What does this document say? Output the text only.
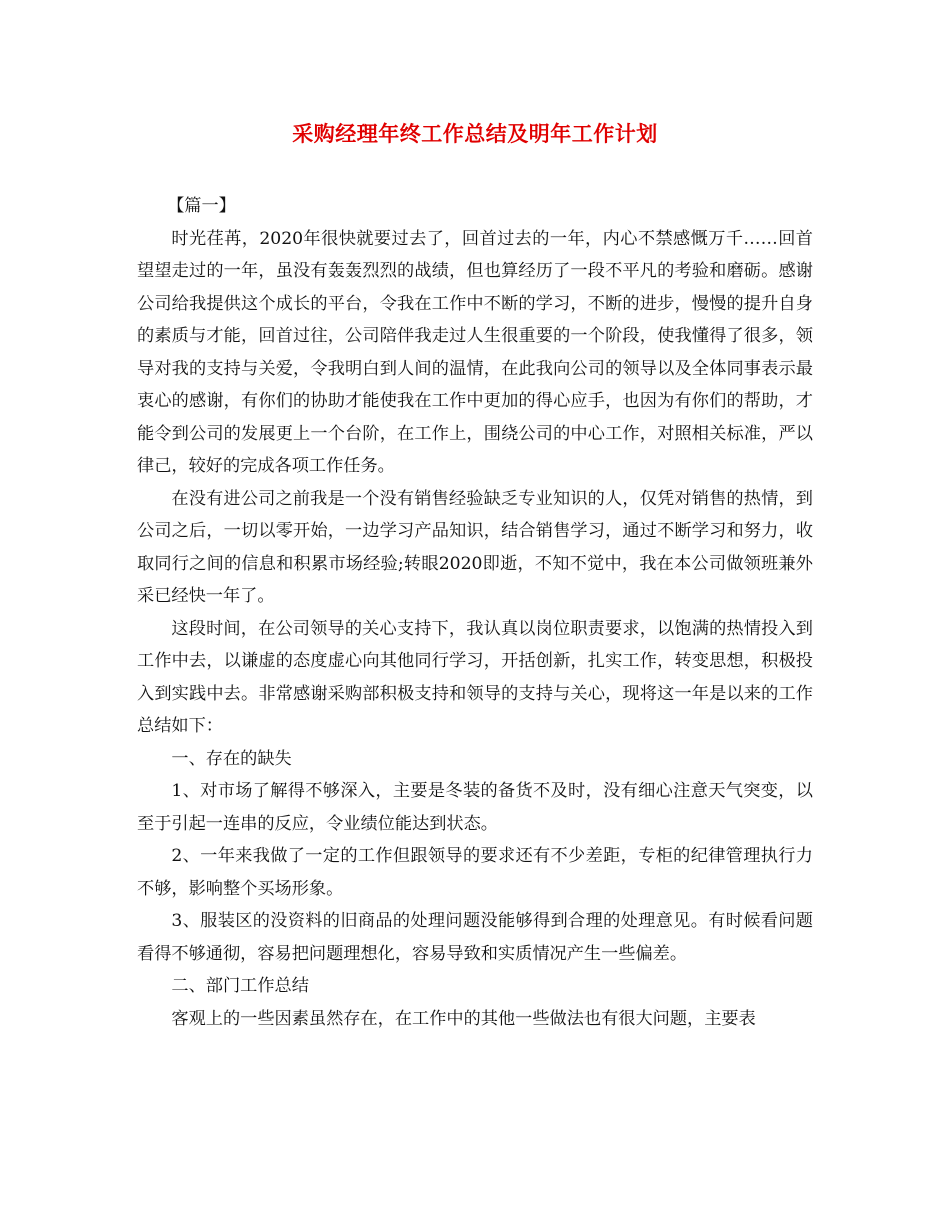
采购经理年终工作总结及明年工作计划

【篇一】

时光荏苒，2020年很快就要过去了，回首过去的一年，内心不禁感慨万千……回首望望走过的一年，虽没有轰轰烈烈的战绩，但也算经历了一段不平凡的考验和磨砺。感谢公司给我提供这个成长的平台，令我在工作中不断的学习，不断的进步，慢慢的提升自身的素质与才能，回首过往，公司陪伴我走过人生很重要的一个阶段，使我懂得了很多，领导对我的支持与关爱，令我明白到人间的温情，在此我向公司的领导以及全体同事表示最衷心的感谢，有你们的协助才能使我在工作中更加的得心应手，也因为有你们的帮助，才能令到公司的发展更上一个台阶，在工作上，围绕公司的中心工作，对照相关标准，严以律己，较好的完成各项工作任务。

在没有进公司之前我是一个没有销售经验缺乏专业知识的人，仅凭对销售的热情，到公司之后，一切以零开始，一边学习产品知识，结合销售学习，通过不断学习和努力，收取同行之间的信息和积累市场经验;转眼2020即逝，不知不觉中，我在本公司做领班兼外采已经快一年了。

这段时间，在公司领导的关心支持下，我认真以岗位职责要求，以饱满的热情投入到工作中去，以谦虚的态度虚心向其他同行学习，开括创新，扎实工作，转变思想，积极投入到实践中去。非常感谢采购部积极支持和领导的支持与关心，现将这一年是以来的工作总结如下：

一、存在的缺失

1、对市场了解得不够深入，主要是冬装的备货不及时，没有细心注意天气突变，以至于引起一连串的反应，令业绩位能达到状态。

2、一年来我做了一定的工作但跟领导的要求还有不少差距，专柜的纪律管理执行力不够，影响整个买场形象。

3、服装区的没资料的旧商品的处理问题没能够得到合理的处理意见。有时候看问题看得不够通彻，容易把问题理想化，容易导致和实质情况产生一些偏差。

二、部门工作总结

客观上的一些因素虽然存在，在工作中的其他一些做法也有很大问题，主要表
